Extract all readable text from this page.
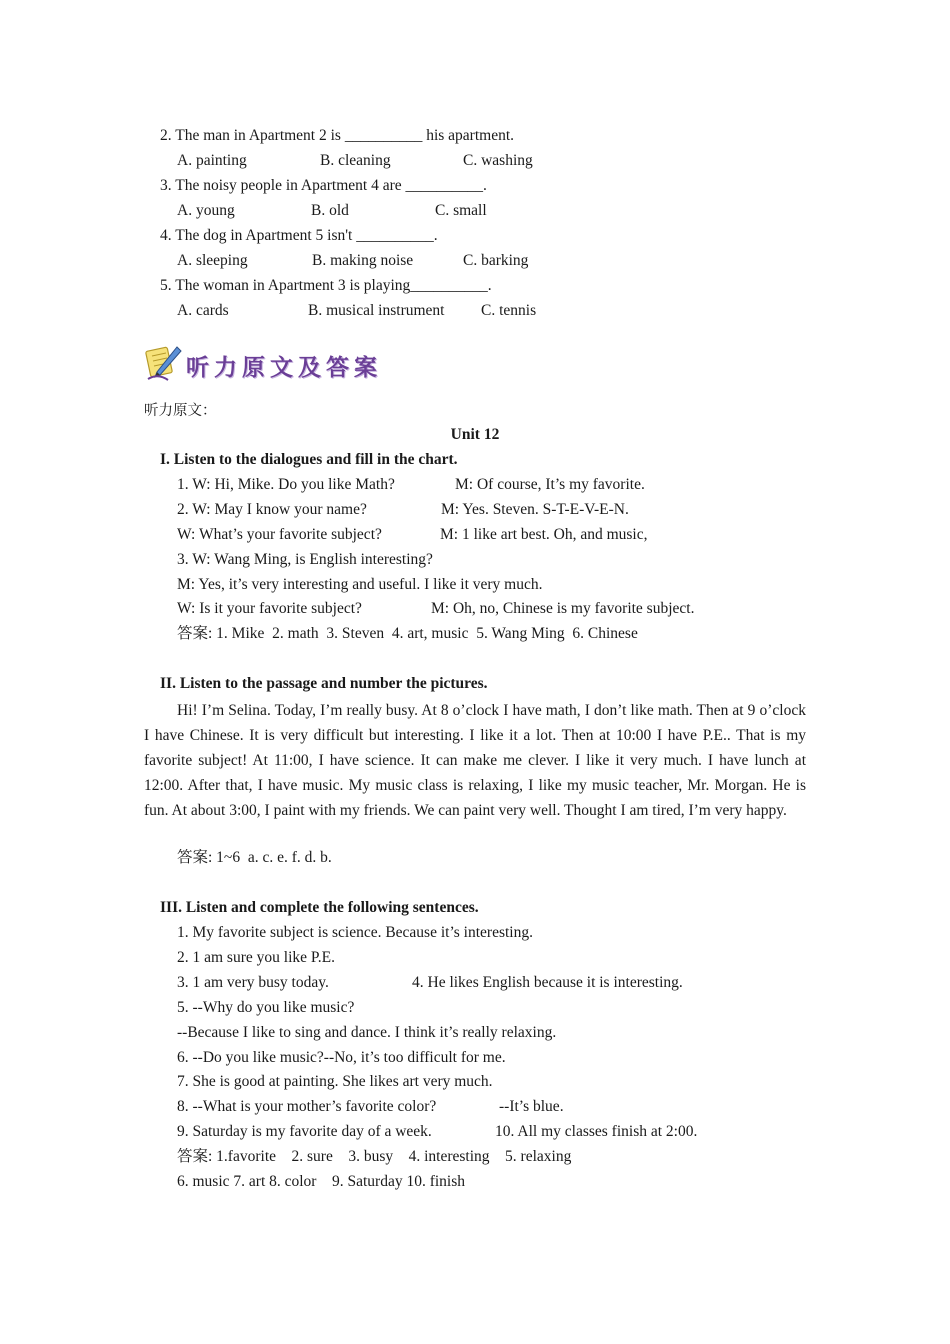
2. The man in Apartment 2 is __________ his apartment.
A. painting	B. cleaning	C. washing
3. The noisy people in Apartment 4 are __________.
A. young	B. old	C. small
4. The dog in Apartment 5 isn't __________.
A. sleeping	B. making noise	C. barking
5. The woman in Apartment 3 is playing__________.
A. cards	B. musical instrument C. tennis
听力原文及答案
听力原文：
Unit 12
I. Listen to the dialogues and fill in the chart.
1. W: Hi, Mike. Do you like Math?	M: Of course, It’s my favorite.
2. W: May I know your name?	M: Yes. Steven. S-T-E-V-E-N.
W: What’s your favorite subject?	M: 1 like art best. Oh, and music,
3. W: Wang Ming, is English interesting?
M: Yes, it’s very interesting and useful. I like it very much.
W: Is it your favorite subject?	M: Oh, no, Chinese is my favorite subject.
答案: 1. Mike  2. math  3. Steven  4. art, music  5. Wang Ming  6. Chinese
II. Listen to the passage and number the pictures.
Hi! I’m Selina. Today, I’m really busy. At 8 o’clock I have math, I don’t like math. Then at 9 o’clock I have Chinese. It is very difficult but interesting. I like it a lot. Then at 10:00 I have P.E.. That is my favorite subject! At 11:00, I have science. It can make me clever. I like it very much. I have lunch at 12:00. After that, I have music. My music class is relaxing, I like my music teacher, Mr. Morgan. He is fun. At about 3:00, I paint with my friends. We can paint very well. Thought I am tired, I’m very happy.
答案: 1~6  a. c. e. f. d. b.
III. Listen and complete the following sentences.
1. My favorite subject is science. Because it’s interesting.
2. 1 am sure you like P.E.
3. 1 am very busy today.	4. He likes English because it is interesting.
5. --Why do you like music?
--Because I like to sing and dance. I think it’s really relaxing.
6. --Do you like music?--No, it’s too difficult for me.
7. She is good at painting. She likes art very much.
8. --What is your mother’s favorite color?	--It’s blue.
9. Saturday is my favorite day of a week.	10. All my classes finish at 2:00.
答案: 1.favorite    2. sure    3. busy    4. interesting    5. relaxing
6. music 7. art 8. color    9. Saturday 10. finish
